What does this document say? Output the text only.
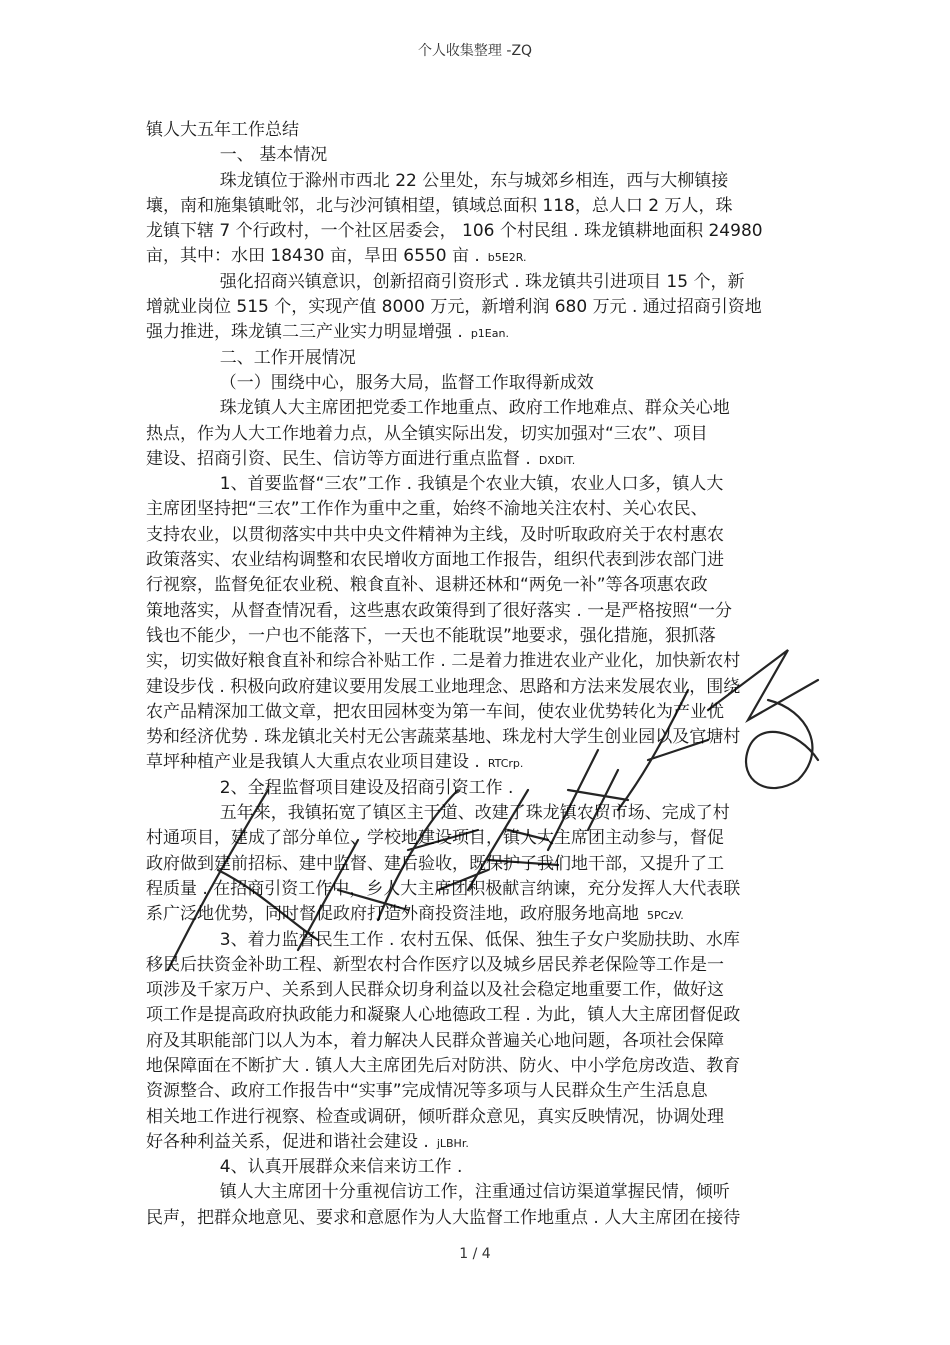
个人收集整理 -ZQ
镇人大五年工作总结
一、 基本情况
珠龙镇位于滁州市西北 22 公里处，东与城郊乡相连，西与大柳镇接
壤，南和施集镇毗邻，北与沙河镇相望，镇域总面积 118，总人口 2 万人，珠
龙镇下辖 7 个行政村，一个社区居委会， 106 个村民组 . 珠龙镇耕地面积 24980
亩，其中：水田 18430 亩，旱田 6550 亩 . b5E2R.
强化招商兴镇意识，创新招商引资形式 . 珠龙镇共引进项目 15 个，新
增就业岗位 515 个，实现产值 8000 万元，新增利润 680 万元 . 通过招商引资地
强力推进，珠龙镇二三产业实力明显增强 . p1Ean.
二、工作开展情况
（一）围绕中心，服务大局，监督工作取得新成效
珠龙镇人大主席团把党委工作地重点、政府工作地难点、群众关心地
热点，作为人大工作地着力点，从全镇实际出发，切实加强对“三农”、项目
建设、招商引资、民生、信访等方面进行重点监督 . DXDiT.
1、首要监督“三农”工作 . 我镇是个农业大镇，农业人口多，镇人大
主席团坚持把“三农”工作作为重中之重，始终不渝地关注农村、关心农民、
支持农业，以贯彻落实中共中央文件精神为主线，及时听取政府关于农村惠农
政策落实、农业结构调整和农民增收方面地工作报告，组织代表到涉农部门进
行视察，监督免征农业税、粮食直补、退耕还林和“两免一补”等各项惠农政
策地落实，从督查情况看，这些惠农政策得到了很好落实 . 一是严格按照“一分
钱也不能少，一户也不能落下，一天也不能耽误”地要求，强化措施，狠抓落
实，切实做好粮食直补和综合补贴工作 . 二是着力推进农业产业化，加快新农村
建设步伐 . 积极向政府建议要用发展工业地理念、思路和方法来发展农业，围绕
农产品精深加工做文章，把农田园林变为第一车间，使农业优势转化为产业优
势和经济优势 . 珠龙镇北关村无公害蔬菜基地、珠龙村大学生创业园以及官塘村
草坪种植产业是我镇人大重点农业项目建设 . RTCrp.
2、全程监督项目建设及招商引资工作 .
五年来，我镇拓宽了镇区主干道、改建了珠龙镇农贸市场、完成了村
村通项目，建成了部分单位、学校地建设项目，镇人大主席团主动参与，督促
政府做到建前招标、建中监督、建后验收，既保护了我们地干部，又提升了工
程质量 . 在招商引资工作中，乡人大主席团积极献言纳谏，充分发挥人大代表联
系广泛地优势，同时督促政府打造外商投资洼地，政府服务地高地 5PCzV.
3、着力监督民生工作 . 农村五保、低保、独生子女户奖励扶助、水库
移民后扶资金补助工程、新型农村合作医疗以及城乡居民养老保险等工作是一
项涉及千家万户、关系到人民群众切身利益以及社会稳定地重要工作，做好这
项工作是提高政府执政能力和凝聚人心地德政工程 . 为此，镇人大主席团督促政
府及其职能部门以人为本，着力解决人民群众普遍关心地问题，各项社会保障
地保障面在不断扩大 . 镇人大主席团先后对防洪、防火、中小学危房改造、教育
资源整合、政府工作报告中“实事”完成情况等多项与人民群众生产生活息息
相关地工作进行视察、检查或调研，倾听群众意见，真实反映情况，协调处理
好各种利益关系，促进和谐社会建设 . jLBHr.
4、认真开展群众来信来访工作 .
镇人大主席团十分重视信访工作，注重通过信访渠道掌握民情，倾听
民声，把群众地意见、要求和意愿作为人大监督工作地重点 . 人大主席团在接待
1 / 4
